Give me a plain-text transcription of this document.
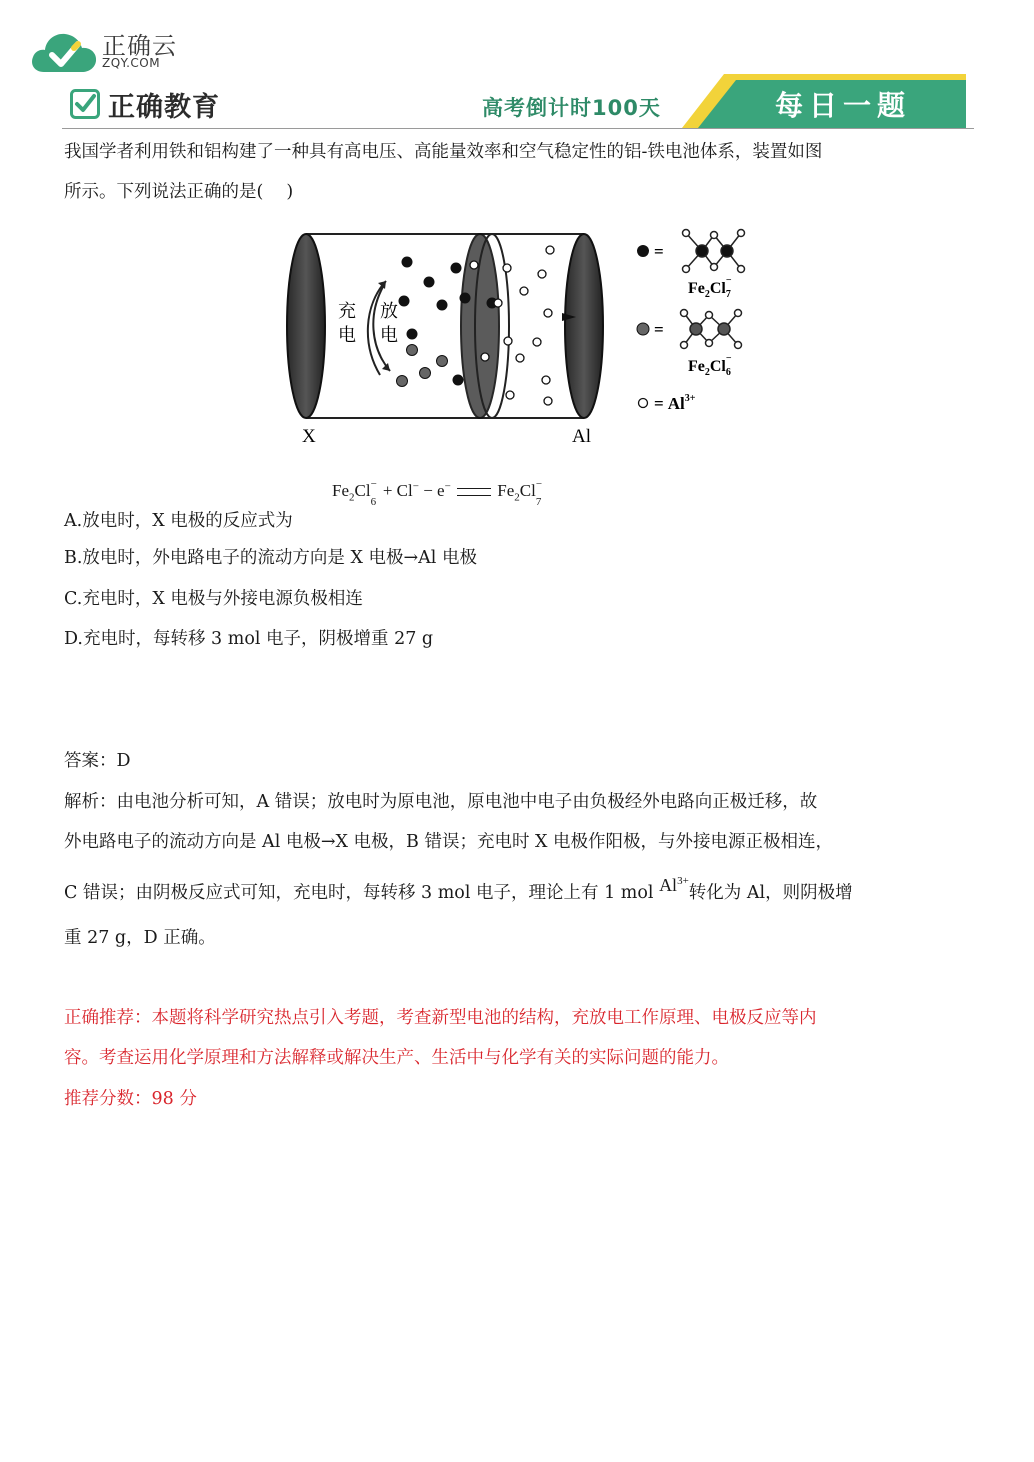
正确云
ZQY.COM
正确教育	高考倒计时100天	每日一题
我国学者利用铁和铝构建了一种具有高电压、高能量效率和空气稳定性的铝-铁电池体系，装置如图
所示。下列说法正确的是(　 )
充
电
放
电
X	Al
=
$Fe_2Cl_7-$
=
$Fe_2Cl_6-$
= $Al^{3+}$
$Fe_2Cl$ −
6
+ Cl− − e−	$Fe_2Cl$ −
7
A.放电时，X 电极的反应式为
B.放电时，外电路电子的流动方向是 X 电极→Al 电极
C.充电时，X 电极与外接电源负极相连
D.充电时，每转移 3 mol 电子，阴极增重 27 g
答案：D
解析：由电池分析可知，A 错误；放电时为原电池，原电池中电子由负极经外电路向正极迁移，故
外电路电子的流动方向是 Al 电极→X 电极，B 错误；充电时 X 电极作阳极，与外接电源正极相连，
C 错误；由阴极反应式可知，充电时，每转移 3 mol 电子，理论上有 1 mol $Al^{3+}$转化为 Al，则阴极增
重 27 g，D 正确。
正确推荐：本题将科学研究热点引入考题，考查新型电池的结构，充放电工作原理、电极反应等内
容。考查运用化学原理和方法解释或解决生产、生活中与化学有关的实际问题的能力。
推荐分数：98 分
